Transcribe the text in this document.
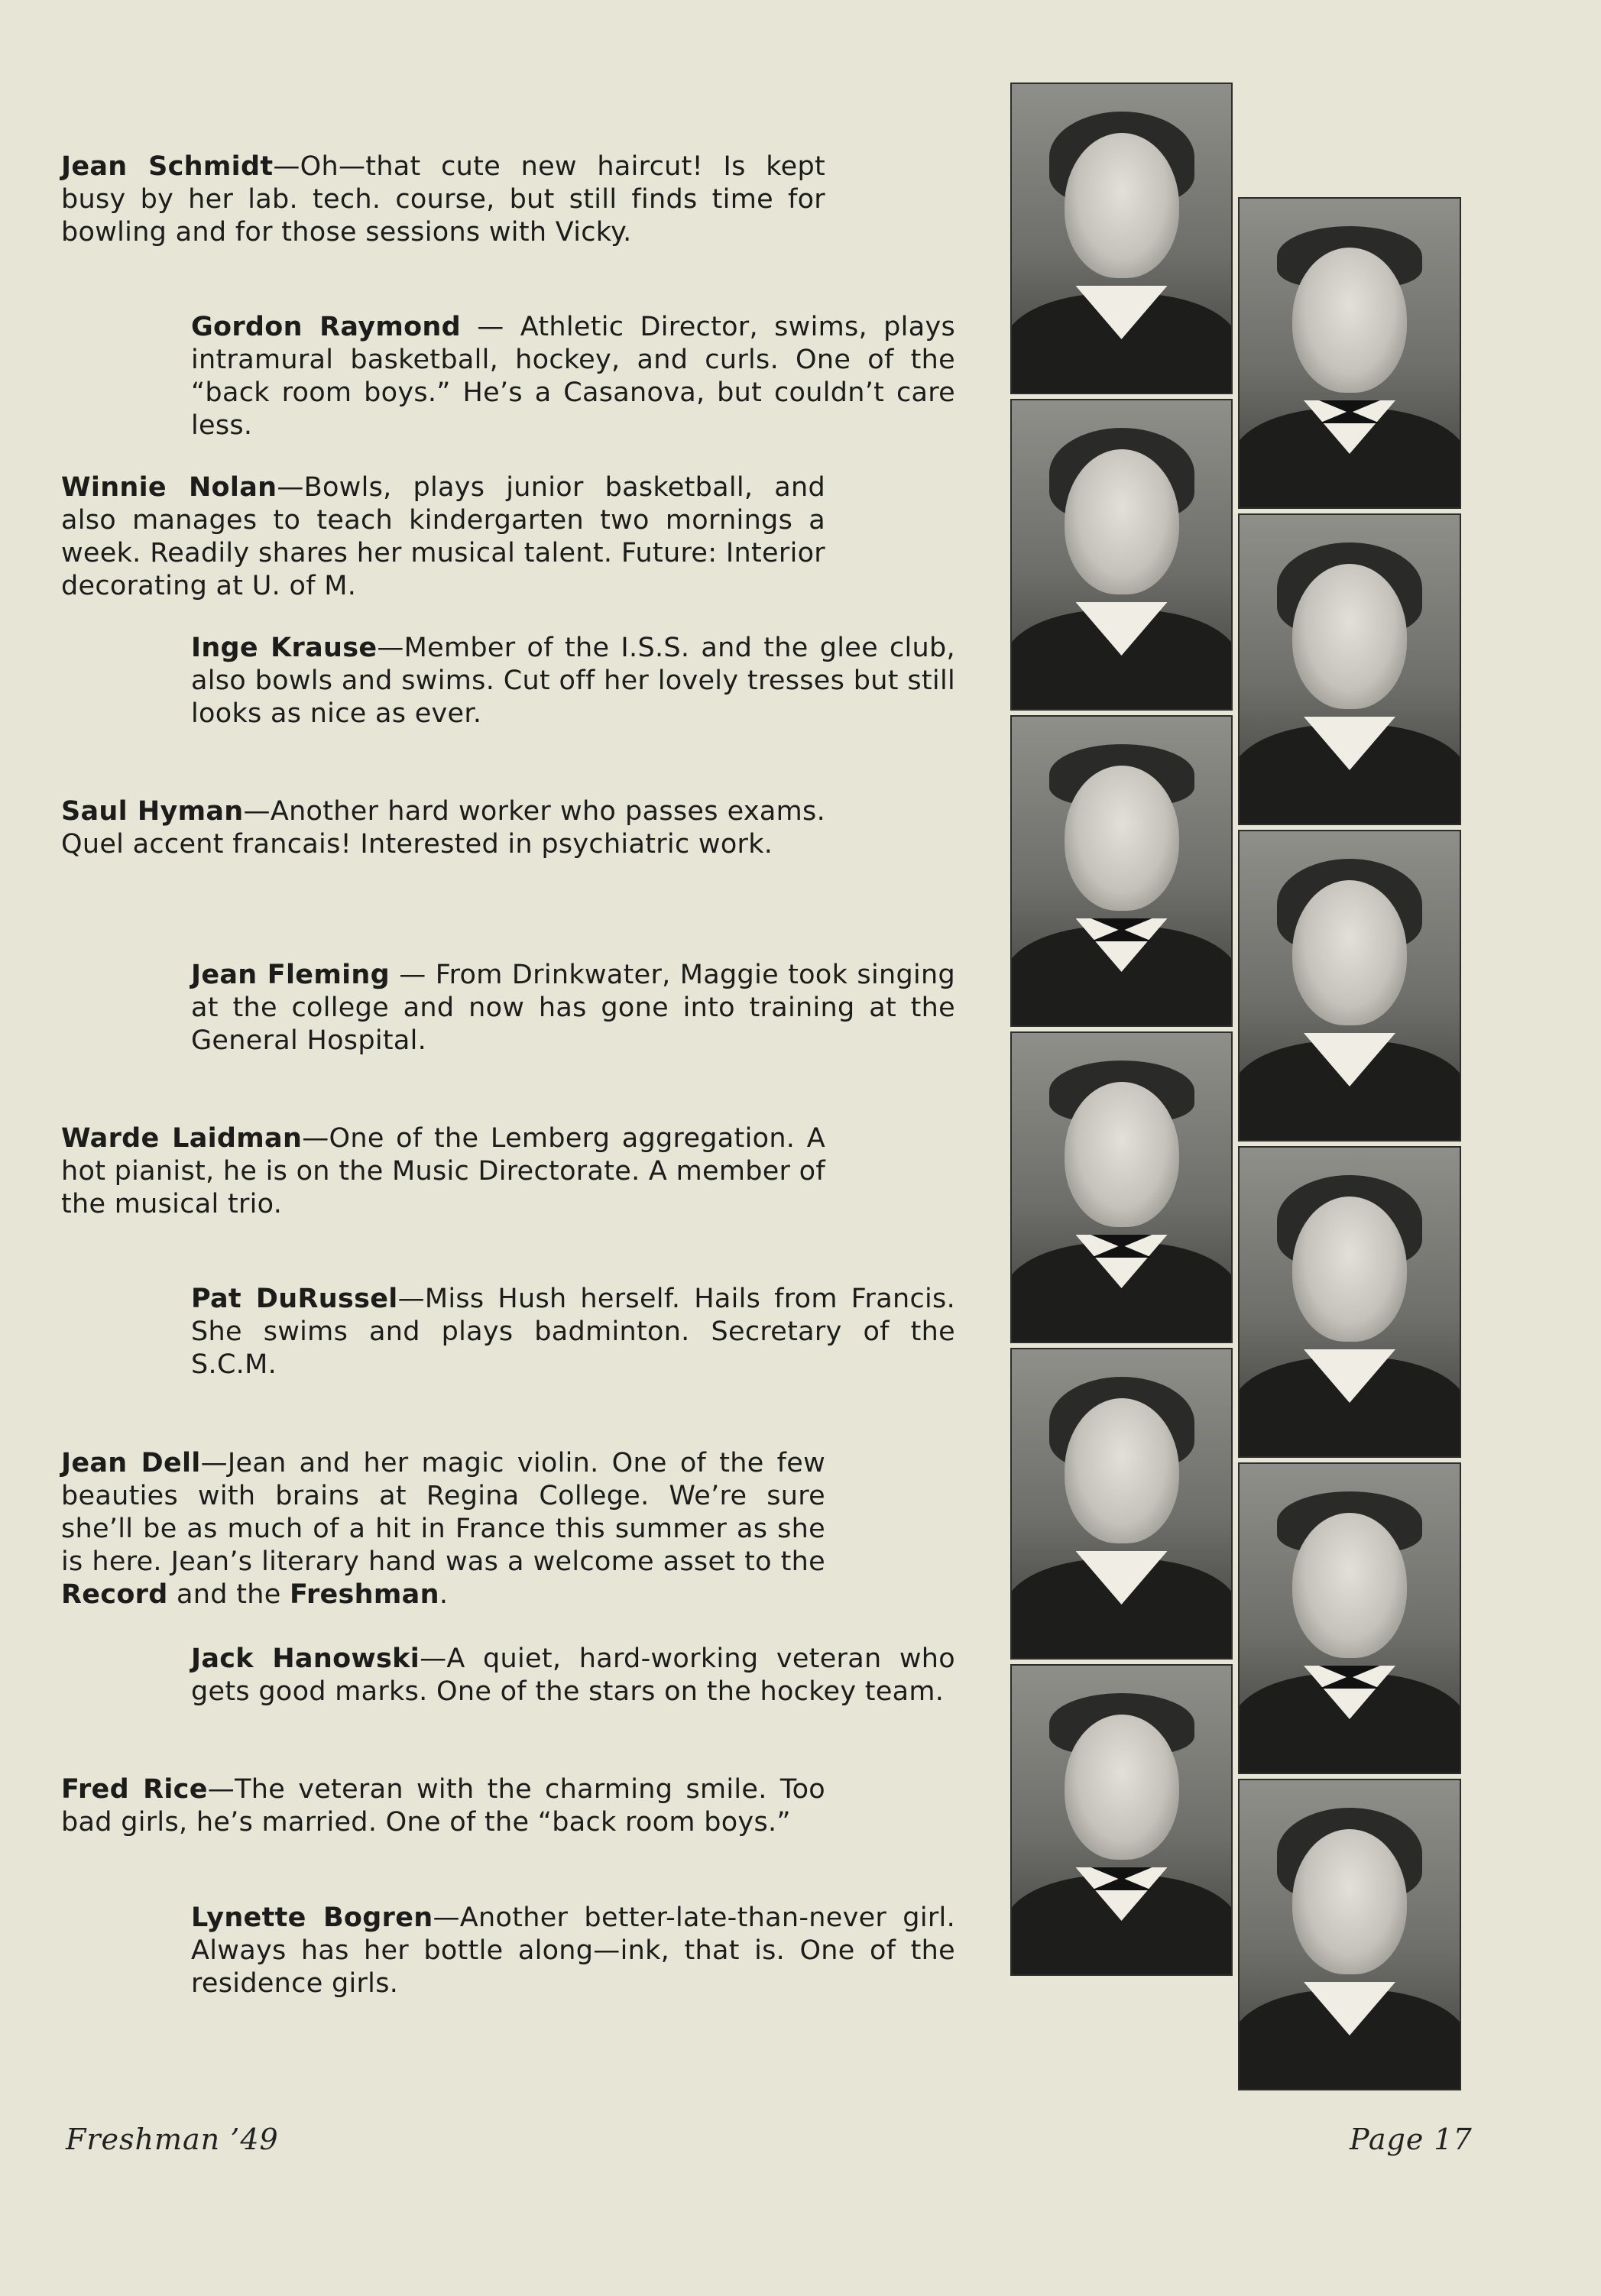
Jean Schmidt—Oh—that cute new haircut! Is kept busy by her lab. tech. course, but still finds time for bowling and for those sessions with Vicky.
Gordon Raymond — Athletic Director, swims, plays intramural basketball, hockey, and curls. One of the “back room boys.” He’s a Casanova, but couldn’t care less.
Winnie Nolan—Bowls, plays junior basketball, and also manages to teach kindergarten two mornings a week. Readily shares her musical talent. Future: Interior decorating at U. of M.
Inge Krause—Member of the I.S.S. and the glee club, also bowls and swims. Cut off her lovely tresses but still looks as nice as ever.
Saul Hyman—Another hard worker who passes exams. Quel accent francais! Interested in psychiatric work.
Jean Fleming — From Drinkwater, Maggie took singing at the college and now has gone into training at the General Hospital.
Warde Laidman—One of the Lemberg aggregation. A hot pianist, he is on the Music Directorate. A member of the musical trio.
Pat DuRussel—Miss Hush herself. Hails from Francis. She swims and plays badminton. Secretary of the S.C.M.
Jean Dell—Jean and her magic violin. One of the few beauties with brains at Regina College. We’re sure she’ll be as much of a hit in France this summer as she is here. Jean’s literary hand was a welcome asset to the Record and the Freshman.
Jack Hanowski—A quiet, hard-working veteran who gets good marks. One of the stars on the hockey team.
Fred Rice—The veteran with the charming smile. Too bad girls, he’s married. One of the “back room boys.”
Lynette Bogren—Another better-late-than-never girl. Always has her bottle along—ink, that is. One of the residence girls.
Freshman ’49	Page 17
